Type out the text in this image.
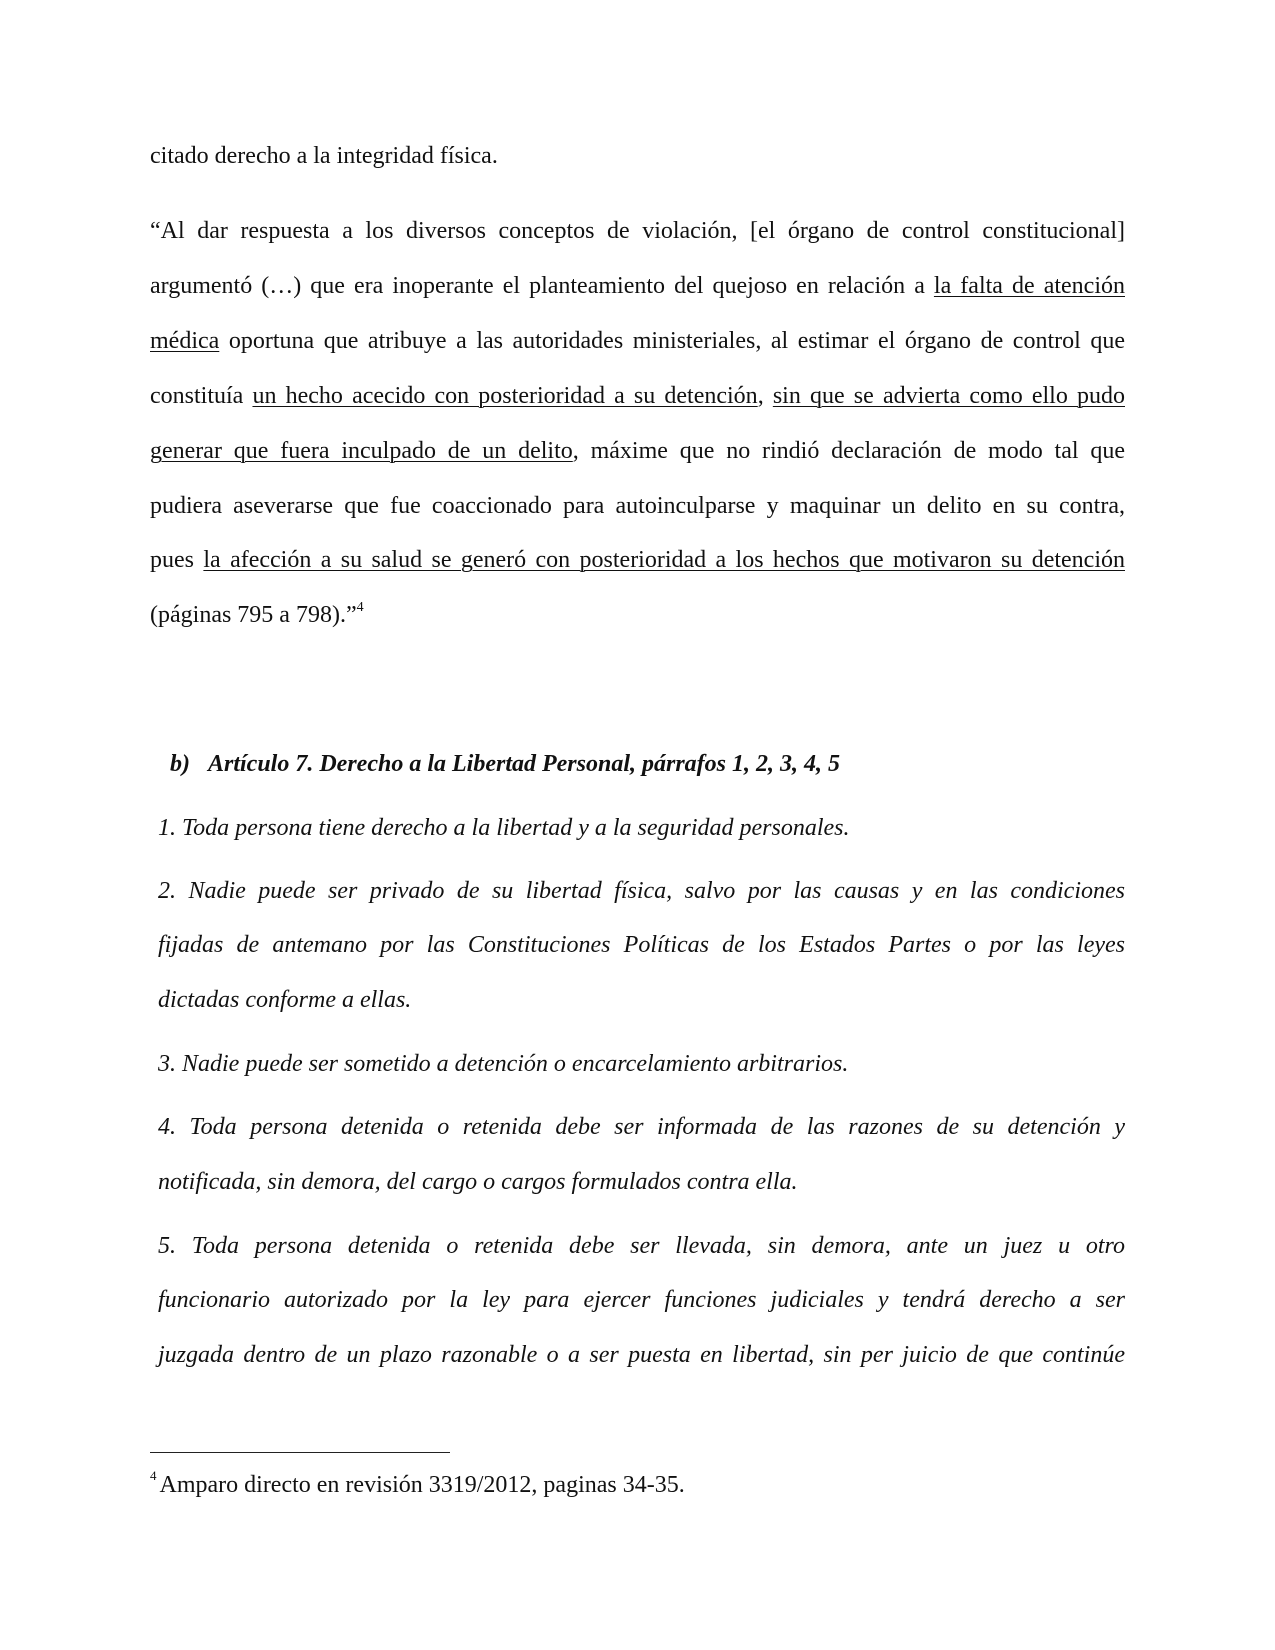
citado derecho a la integridad física.
“Al dar respuesta a los diversos conceptos de violación, [el órgano de control constitucional]
argumentó (…) que era inoperante el planteamiento del quejoso en relación a la falta de atención
médica oportuna que atribuye a las autoridades ministeriales, al estimar el órgano de control que
constituía un hecho acecido con posterioridad a su detención, sin que se advierta como ello pudo
generar que fuera inculpado de un delito, máxime que no rindió declaración de modo tal que
pudiera aseverarse que fue coaccionado para autoinculparse y maquinar un delito en su contra,
pues la afección a su salud se generó con posterioridad a los hechos que motivaron su detención
(páginas 795 a 798).”$^4$
b) Artículo 7. Derecho a la Libertad Personal, párrafos 1, 2, 3, 4, 5
1. Toda persona tiene derecho a la libertad y a la seguridad personales.
2. Nadie puede ser privado de su libertad física, salvo por las causas y en las condiciones
fijadas de antemano por las Constituciones Políticas de los Estados Partes o por las leyes
dictadas conforme a ellas.
3. Nadie puede ser sometido a detención o encarcelamiento arbitrarios.
4. Toda persona detenida o retenida debe ser informada de las razones de su detención y
notificada, sin demora, del cargo o cargos formulados contra ella.
5. Toda persona detenida o retenida debe ser llevada, sin demora, ante un juez u otro
funcionario autorizado por la ley para ejercer funciones judiciales y tendrá derecho a ser
juzgada dentro de un plazo razonable o a ser puesta en libertad, sin per juicio de que continúe
$^4$ Amparo directo en revisión 3319/2012, paginas 34-35.
